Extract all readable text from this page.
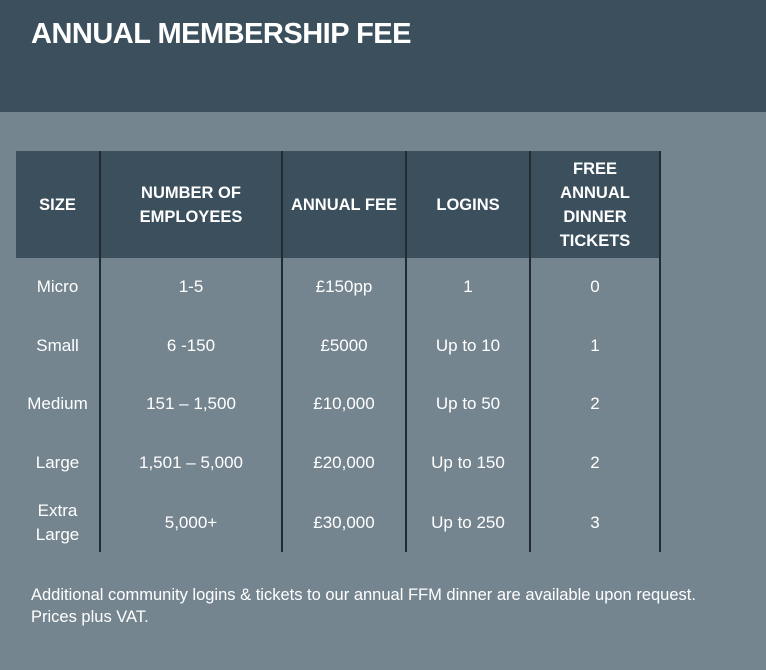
ANNUAL MEMBERSHIP FEE
SIZE	NUMBER OF EMPLOYEES	ANNUAL FEE	LOGINS	FREE ANNUAL DINNER TICKETS
Micro	1-5	£150pp	1	0
Small	6 -150	£5000	Up to 10	1
Medium	151 – 1,500	£10,000	Up to 50	2
Large	1,501 – 5,000	£20,000	Up to 150	2
Extra Large	5,000+	£30,000	Up to 250	3

Additional community logins & tickets to our annual FFM dinner are available upon request.
Prices plus VAT.
